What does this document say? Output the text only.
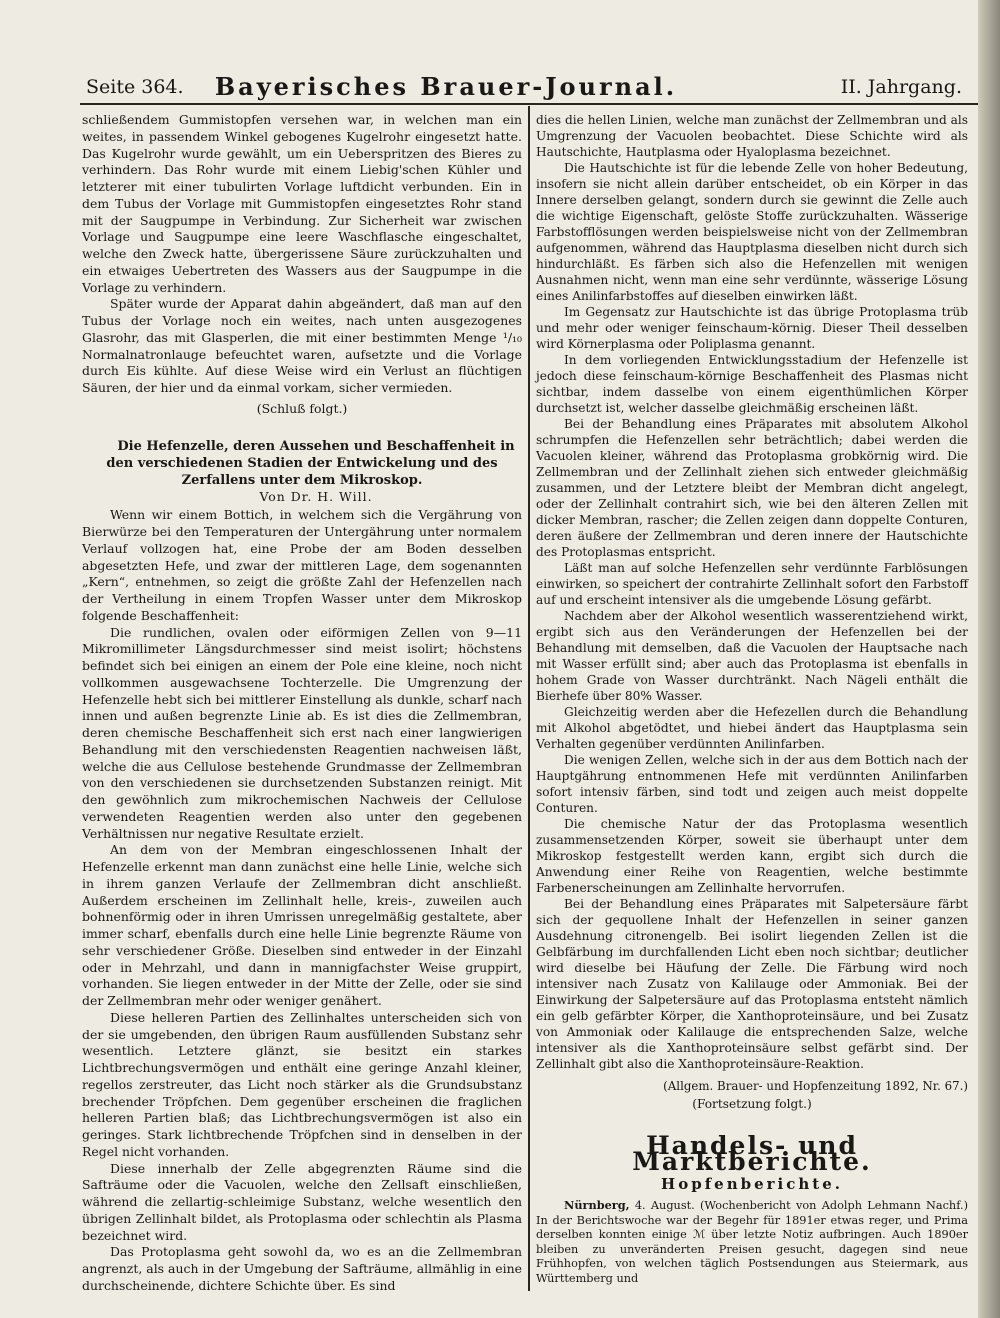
Seite 364.	Bayerisches Brauer-Journal.	II. Jahrgang.

schließendem Gummistopfen versehen war, in welchen man ein weites, in passendem Winkel gebogenes Kugelrohr eingesetzt hatte. Das Kugelrohr wurde gewählt, um ein Ueberspritzen des Bieres zu verhindern. Das Rohr wurde mit einem Liebig'schen Kühler und letzterer mit einer tubulirten Vorlage luftdicht verbunden. Ein in dem Tubus der Vorlage mit Gummistopfen eingesetztes Rohr stand mit der Saugpumpe in Verbindung. Zur Sicherheit war zwischen Vorlage und Saugpumpe eine leere Waschflasche eingeschaltet, welche den Zweck hatte, übergerissene Säure zurückzuhalten und ein etwaiges Uebertreten des Wassers aus der Saugpumpe in die Vorlage zu verhindern.

Später wurde der Apparat dahin abgeändert, daß man auf den Tubus der Vorlage noch ein weites, nach unten ausgezogenes Glasrohr, das mit Glasperlen, die mit einer bestimmten Menge ¹/₁₀ Normalnatronlauge befeuchtet waren, aufsetzte und die Vorlage durch Eis kühlte. Auf diese Weise wird ein Verlust an flüchtigen Säuren, der hier und da einmal vorkam, sicher vermieden.

(Schluß folgt.)

Die Hefenzelle, deren Aussehen und Beschaffenheit in den verschiedenen Stadien der Entwickelung und des Zerfallens unter dem Mikroskop.

Von Dr. H. Will.

Wenn wir einem Bottich, in welchem sich die Vergährung von Bierwürze bei den Temperaturen der Untergährung unter normalem Verlauf vollzogen hat, eine Probe der am Boden desselben abgesetzten Hefe, und zwar der mittleren Lage, dem sogenannten „Kern“, entnehmen, so zeigt die größte Zahl der Hefenzellen nach der Vertheilung in einem Tropfen Wasser unter dem Mikroskop folgende Beschaffenheit:

Die rundlichen, ovalen oder eiförmigen Zellen von 9—11 Mikromillimeter Längsdurchmesser sind meist isolirt; höchstens befindet sich bei einigen an einem der Pole eine kleine, noch nicht vollkommen ausgewachsene Tochterzelle. Die Umgrenzung der Hefenzelle hebt sich bei mittlerer Einstellung als dunkle, scharf nach innen und außen begrenzte Linie ab. Es ist dies die Zellmembran, deren chemische Beschaffenheit sich erst nach einer langwierigen Behandlung mit den verschiedensten Reagentien nachweisen läßt, welche die aus Cellulose bestehende Grundmasse der Zellmembran von den verschiedenen sie durchsetzenden Substanzen reinigt. Mit den gewöhnlich zum mikrochemischen Nachweis der Cellulose verwendeten Reagentien werden also unter den gegebenen Verhältnissen nur negative Resultate erzielt.

An dem von der Membran eingeschlossenen Inhalt der Hefenzelle erkennt man dann zunächst eine helle Linie, welche sich in ihrem ganzen Verlaufe der Zellmembran dicht anschließt. Außerdem erscheinen im Zellinhalt helle, kreis-, zuweilen auch bohnenförmig oder in ihren Umrissen unregelmäßig gestaltete, aber immer scharf, ebenfalls durch eine helle Linie begrenzte Räume von sehr verschiedener Größe. Dieselben sind entweder in der Einzahl oder in Mehrzahl, und dann in mannigfachster Weise gruppirt, vorhanden. Sie liegen entweder in der Mitte der Zelle, oder sie sind der Zellmembran mehr oder weniger genähert.

Diese helleren Partien des Zellinhaltes unterscheiden sich von der sie umgebenden, den übrigen Raum ausfüllenden Substanz sehr wesentlich. Letztere glänzt, sie besitzt ein starkes Lichtbrechungsvermögen und enthält eine geringe Anzahl kleiner, regellos zerstreuter, das Licht noch stärker als die Grundsubstanz brechender Tröpfchen. Dem gegenüber erscheinen die fraglichen helleren Partien blaß; das Lichtbrechungsvermögen ist also ein geringes. Stark lichtbrechende Tröpfchen sind in denselben in der Regel nicht vorhanden.

Diese innerhalb der Zelle abgegrenzten Räume sind die Safträume oder die Vacuolen, welche den Zellsaft einschließen, während die zellartig-schleimige Substanz, welche wesentlich den übrigen Zellinhalt bildet, als Protoplasma oder schlechtin als Plasma bezeichnet wird.

Das Protoplasma geht sowohl da, wo es an die Zellmembran angrenzt, als auch in der Umgebung der Safträume, allmählig in eine durchscheinende, dichtere Schichte über. Es sind

dies die hellen Linien, welche man zunächst der Zellmembran und als Umgrenzung der Vacuolen beobachtet. Diese Schichte wird als Hautschichte, Hautplasma oder Hyaloplasma bezeichnet.

Die Hautschichte ist für die lebende Zelle von hoher Bedeutung, insofern sie nicht allein darüber entscheidet, ob ein Körper in das Innere derselben gelangt, sondern durch sie gewinnt die Zelle auch die wichtige Eigenschaft, gelöste Stoffe zurückzuhalten. Wässerige Farbstofflösungen werden beispielsweise nicht von der Zellmembran aufgenommen, während das Hauptplasma dieselben nicht durch sich hindurchläßt. Es färben sich also die Hefenzellen mit wenigen Ausnahmen nicht, wenn man eine sehr verdünnte, wässerige Lösung eines Anilinfarbstoffes auf dieselben einwirken läßt.

Im Gegensatz zur Hautschichte ist das übrige Protoplasma trüb und mehr oder weniger feinschaum-körnig. Dieser Theil desselben wird Körnerplasma oder Poliplasma genannt.

In dem vorliegenden Entwicklungsstadium der Hefenzelle ist jedoch diese feinschaum-körnige Beschaffenheit des Plasmas nicht sichtbar, indem dasselbe von einem eigenthümlichen Körper durchsetzt ist, welcher dasselbe gleichmäßig erscheinen läßt.

Bei der Behandlung eines Präparates mit absolutem Alkohol schrumpfen die Hefenzellen sehr beträchtlich; dabei werden die Vacuolen kleiner, während das Protoplasma grobkörnig wird. Die Zellmembran und der Zellinhalt ziehen sich entweder gleichmäßig zusammen, und der Letztere bleibt der Membran dicht angelegt, oder der Zellinhalt contrahirt sich, wie bei den älteren Zellen mit dicker Membran, rascher; die Zellen zeigen dann doppelte Conturen, deren äußere der Zellmembran und deren innere der Hautschichte des Protoplasmas entspricht.

Läßt man auf solche Hefenzellen sehr verdünnte Farblösungen einwirken, so speichert der contrahirte Zellinhalt sofort den Farbstoff auf und erscheint intensiver als die umgebende Lösung gefärbt.

Nachdem aber der Alkohol wesentlich wasserentziehend wirkt, ergibt sich aus den Veränderungen der Hefenzellen bei der Behandlung mit demselben, daß die Vacuolen der Hauptsache nach mit Wasser erfüllt sind; aber auch das Protoplasma ist ebenfalls in hohem Grade von Wasser durchtränkt. Nach Nägeli enthält die Bierhefe über 80% Wasser.

Gleichzeitig werden aber die Hefezellen durch die Behandlung mit Alkohol abgetödtet, und hiebei ändert das Hauptplasma sein Verhalten gegenüber verdünnten Anilinfarben.

Die wenigen Zellen, welche sich in der aus dem Bottich nach der Hauptgährung entnommenen Hefe mit verdünnten Anilinfarben sofort intensiv färben, sind todt und zeigen auch meist doppelte Conturen.

Die chemische Natur der das Protoplasma wesentlich zusammensetzenden Körper, soweit sie überhaupt unter dem Mikroskop festgestellt werden kann, ergibt sich durch die Anwendung einer Reihe von Reagentien, welche bestimmte Farbenerscheinungen am Zellinhalte hervorrufen.

Bei der Behandlung eines Präparates mit Salpetersäure färbt sich der gequollene Inhalt der Hefenzellen in seiner ganzen Ausdehnung citronengelb. Bei isolirt liegenden Zellen ist die Gelbfärbung im durchfallenden Licht eben noch sichtbar; deutlicher wird dieselbe bei Häufung der Zelle. Die Färbung wird noch intensiver nach Zusatz von Kalilauge oder Ammoniak. Bei der Einwirkung der Salpetersäure auf das Protoplasma entsteht nämlich ein gelb gefärbter Körper, die Xanthoproteinsäure, und bei Zusatz von Ammoniak oder Kalilauge die entsprechenden Salze, welche intensiver als die Xanthoproteinsäure selbst gefärbt sind. Der Zellinhalt gibt also die Xanthoproteinsäure-Reaktion.

(Allgem. Brauer- und Hopfenzeitung 1892, Nr. 67.)

(Fortsetzung folgt.)

Handels- und Marktberichte.
Hopfenberichte.

Nürnberg, 4. August. (Wochenbericht von Adolph Lehmann Nachf.) In der Berichtswoche war der Begehr für 1891er etwas reger, und Prima derselben konnten einige ℳ über letzte Notiz aufbringen. Auch 1890er bleiben zu unveränderten Preisen gesucht, dagegen sind neue Frühhopfen, von welchen täglich Postsendungen aus Steiermark, aus Württemberg und
